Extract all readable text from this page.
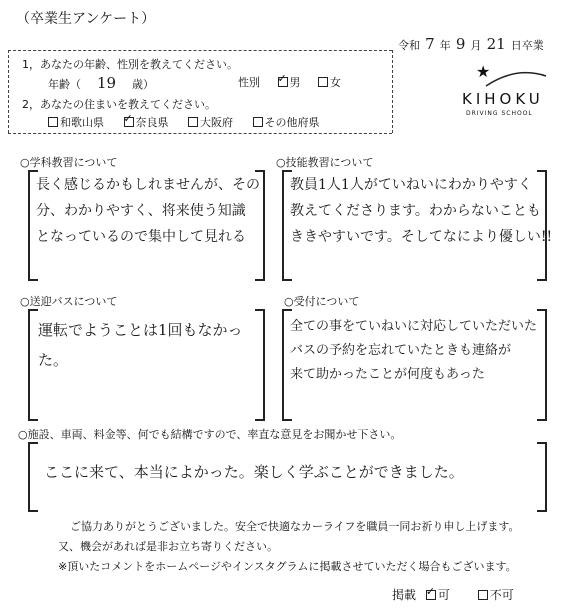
（卒業生アンケート）
令和 7 年 9 月 21 日卒業
1，あなたの年齢、性別を教えてください。
年齢（ 19 歳）	性別 ✓	男	女
2，あなたの住まいを教えてください。
和歌山県 ✓	奈良県	大阪府	その他府県
★
KIHOKU
DRIVING SCHOOL
○学科教習について
長く感じるかもしれませんが、その
分、わかりやすく、将来使う知識
となっているので集中して見れる
○技能教習について
教員1人1人がていねいにわかりやすく
教えてくださります。わからないことも
ききやすいです。そしてなにより優しい!!
○送迎バスについて
運転でようことは1回もなかっ
た。
○受付について
全ての事をていねいに対応していただいた
バスの予約を忘れていたときも連絡が
来て助かったことが何度もあった
○施設、車両、料金等、何でも結構ですので、率直な意見をお聞かせ下さい。
ここに来て、本当によかった。楽しく学ぶことができました。
ご協力ありがとうございました。安全で快適なカーライフを職員一同お祈り申し上げます。
又、機会があれば是非お立ち寄りください。
※頂いたコメントをホームページやインスタグラムに掲載させていただく場合もございます。
掲載 ✓ 可	不可
